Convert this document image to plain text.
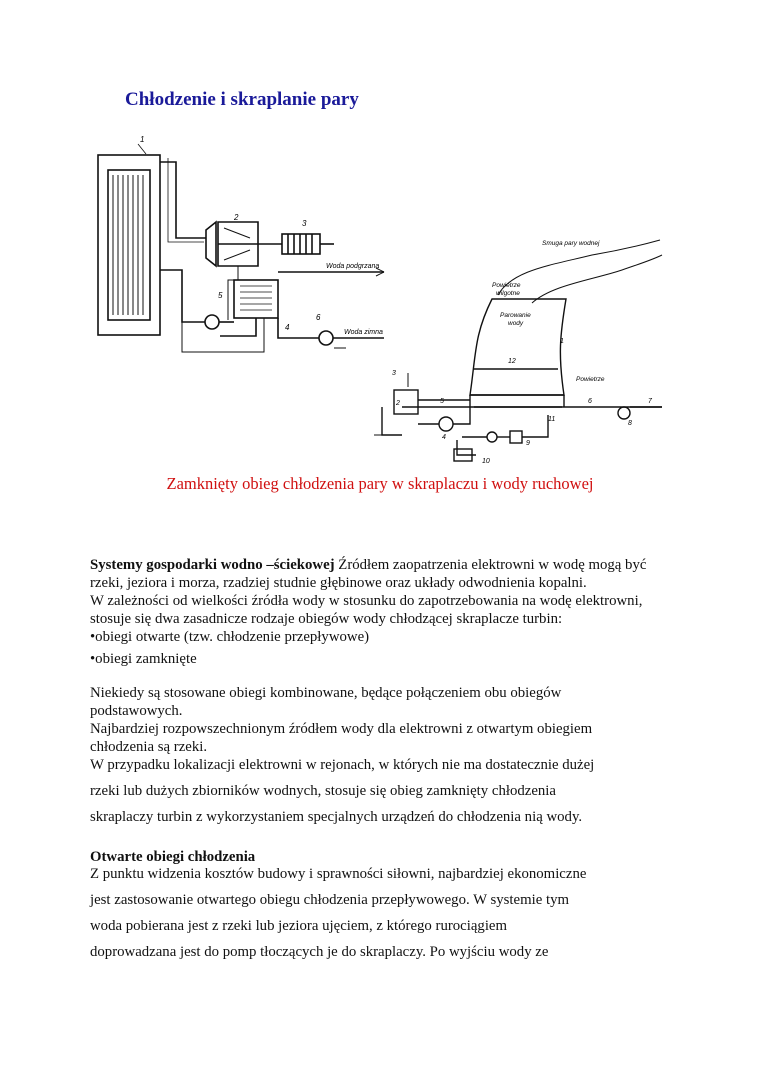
Chłodzenie i skraplanie pary
1
2
3
5
4
6
Woda podgrzana
Woda zimna
Smuga pary wodnej
Powietrze
wilgotne
Parowanie
wody
Powietrze
1
3
2	5
4
6	7
8
9
10
11
12
Zamknięty obieg chłodzenia pary w skraplaczu i wody ruchowej
Systemy gospodarki wodno –ściekowej Źródłem zaopatrzenia elektrowni w wodę mogą być
rzeki, jeziora i morza, rzadziej studnie głębinowe oraz układy odwodnienia kopalni.
W zależności od wielkości źródła wody w stosunku do zapotrzebowania na wodę elektrowni,
stosuje się dwa zasadnicze rodzaje obiegów wody chłodzącej skraplacze turbin:
•obiegi otwarte (tzw. chłodzenie przepływowe)
•obiegi zamknięte
Niekiedy są stosowane obiegi kombinowane, będące połączeniem obu obiegów
podstawowych.
Najbardziej rozpowszechnionym źródłem wody dla elektrowni z otwartym obiegiem
chłodzenia są rzeki.
W przypadku lokalizacji elektrowni w rejonach, w których nie ma dostatecznie dużej
rzeki lub dużych zbiorników wodnych, stosuje się obieg zamknięty chłodzenia
skraplaczy turbin z wykorzystaniem specjalnych urządzeń do chłodzenia nią wody.
Otwarte obiegi chłodzenia
Z punktu widzenia kosztów budowy i sprawności siłowni, najbardziej ekonomiczne
jest zastosowanie otwartego obiegu chłodzenia przepływowego. W systemie tym
woda pobierana jest z rzeki lub jeziora ujęciem, z którego rurociągiem
doprowadzana jest do pomp tłoczących je do skraplaczy. Po wyjściu wody ze
